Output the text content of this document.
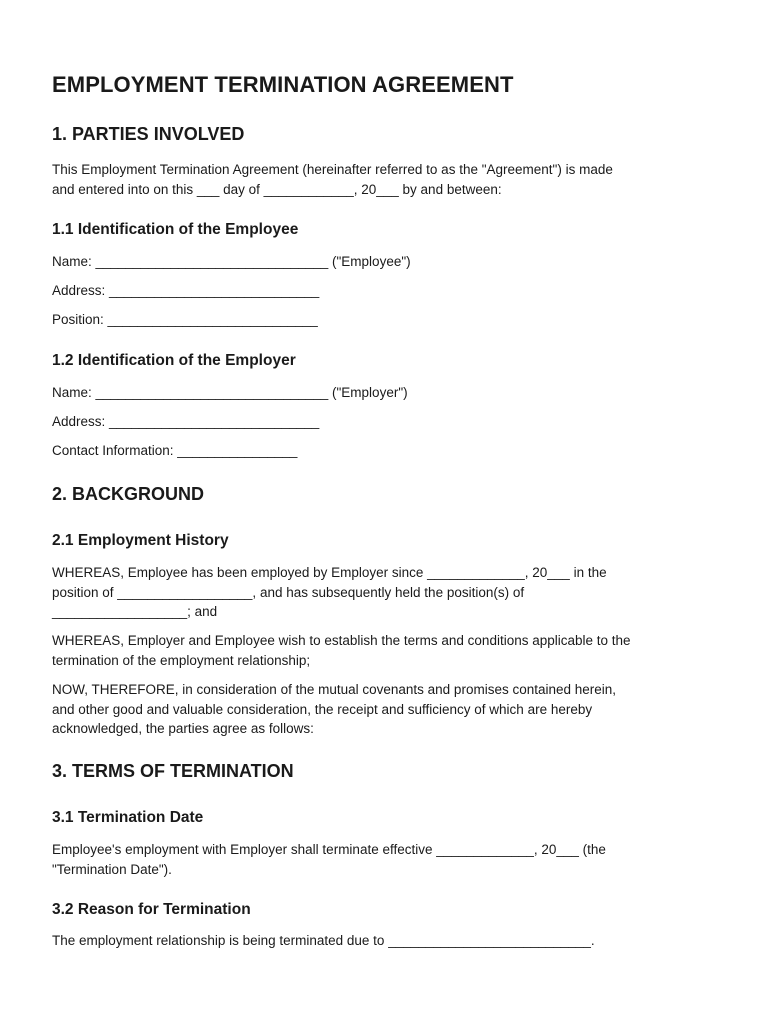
EMPLOYMENT TERMINATION AGREEMENT
1. PARTIES INVOLVED
This Employment Termination Agreement (hereinafter referred to as the "Agreement") is made
and entered into on this ___ day of ____________, 20___ by and between:
1.1 Identification of the Employee

Name: _______________________________ ("Employee")

Address: ____________________________

Position: ____________________________

1.2 Identification of the Employer

Name: _______________________________ ("Employer")

Address: ____________________________

Contact Information: ________________

2. BACKGROUND
2.1 Employment History
WHEREAS, Employee has been employed by Employer since _____________, 20___ in the
position of __________________, and has subsequently held the position(s) of
__________________; and
WHEREAS, Employer and Employee wish to establish the terms and conditions applicable to the
termination of the employment relationship;
NOW, THEREFORE, in consideration of the mutual covenants and promises contained herein,
and other good and valuable consideration, the receipt and sufficiency of which are hereby
acknowledged, the parties agree as follows:
3. TERMS OF TERMINATION
3.1 Termination Date
Employee's employment with Employer shall terminate effective _____________, 20___ (the
"Termination Date").
3.2 Reason for Termination

The employment relationship is being terminated due to ___________________________.
